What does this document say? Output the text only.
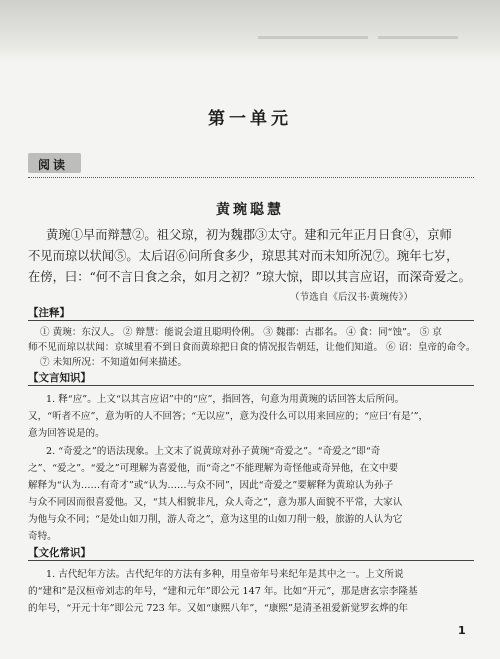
第一单元
阅读
黄琬聪慧
黄琬①早而辩慧②。祖父琼，初为魏郡③太守。建和元年正月日食④，京师
不见而琼以状闻⑤。太后诏⑥问所食多少，琼思其对而未知所况⑦。琬年七岁，
在傍，曰：“何不言日食之余，如月之初？”琼大惊，即以其言应诏，而深奇爱之。
（节选自《后汉书·黄琬传》）
【注释】
① 黄琬：东汉人。 ② 辩慧：能说会道且聪明伶俐。 ③ 魏郡：古郡名。 ④ 食：同“蚀”。 ⑤ 京
师不见而琼以状闻：京城里看不到日食而黄琼把日食的情况报告朝廷，让他们知道。 ⑥ 诏：皇帝的命令。
⑦ 未知所况：不知道如何来描述。
【文言知识】
1. 释“应”。上文“以其言应诏”中的“应”，指回答，句意为用黄琬的话回答太后所问。
又，“听者不应”，意为听的人不回答；“无以应”，意为没什么可以用来回应的；“应曰‘有是’”，
意为回答说是的。
2. “奇爱之”的语法现象。上文末了说黄琼对孙子黄琬“奇爱之”。“奇爱之”即“奇
之”、“爱之”。“爱之”可理解为喜爱他，而“奇之”不能理解为奇怪他或奇异他，在文中要
解释为“认为……有奇才”或“认为……与众不同”，因此“奇爱之”要解释为黄琼认为孙子
与众不同因而很喜爱他。又，“其人相貌非凡，众人奇之”，意为那人面貌不平常，大家认
为他与众不同；“是处山如刀削，游人奇之”，意为这里的山如刀削一般，旅游的人认为它
奇特。
【文化常识】
1. 古代纪年方法。古代纪年的方法有多种，用皇帝年号来纪年是其中之一。上文所说
的“建和”是汉桓帝刘志的年号，“建和元年”即公元 147 年。比如“开元”，那是唐玄宗李隆基
的年号，“开元十年”即公元 723 年。又如“康熙八年”，“康熙”是清圣祖爱新觉罗玄烨的年
1
